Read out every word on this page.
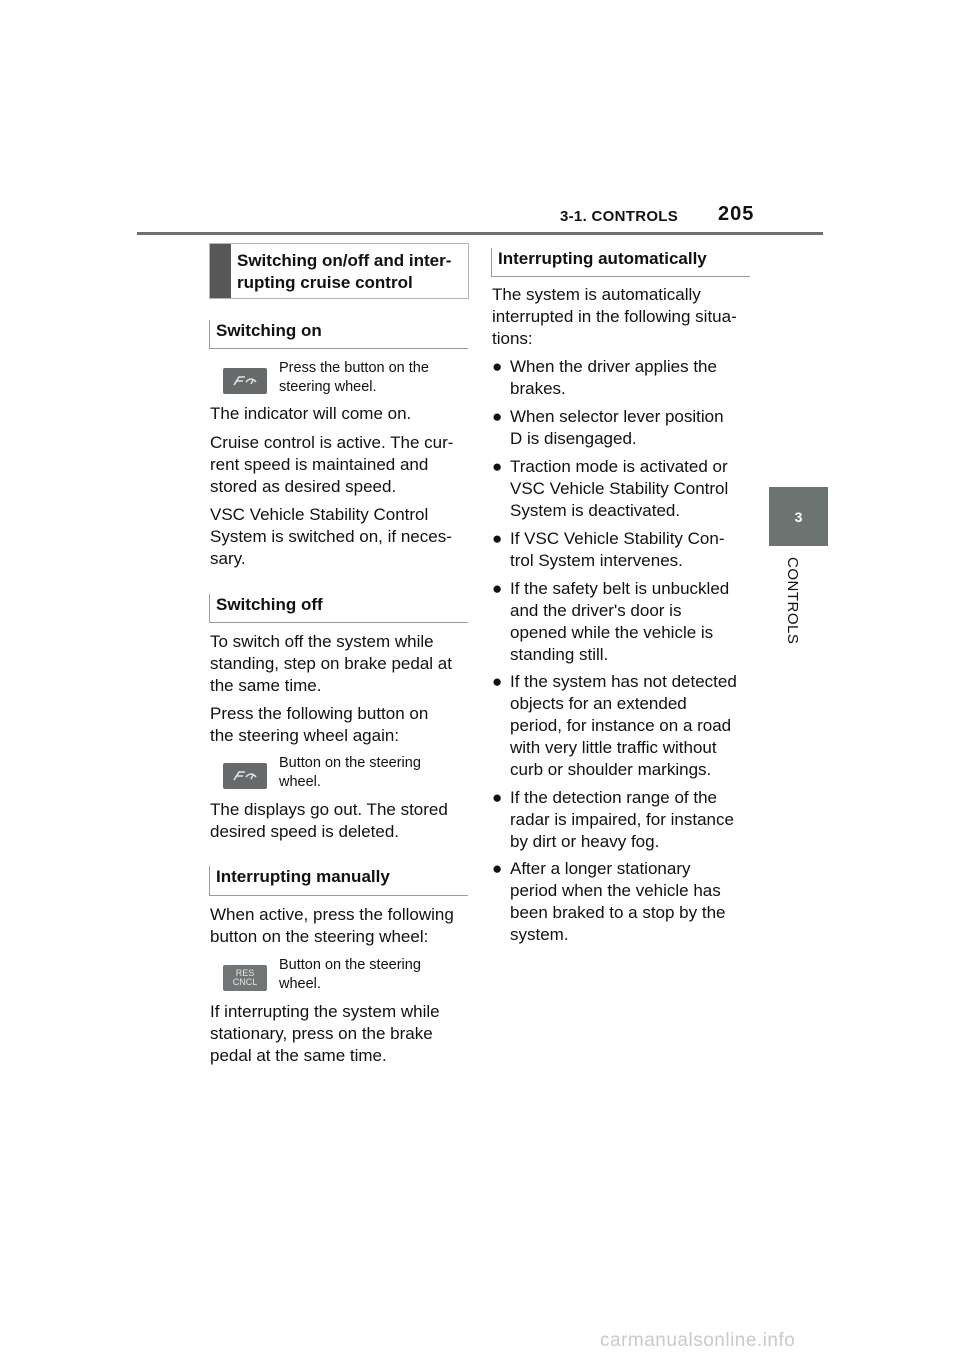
3-1. CONTROLS 205
3
CONTROLS
Switching on/off and inter-
rupting cruise control
Switching on
Press the button on the
steering wheel.
The indicator will come on.
Cruise control is active. The cur-
rent speed is maintained and
stored as desired speed.
VSC Vehicle Stability Control
System is switched on, if neces-
sary.
Switching off
To switch off the system while
standing, step on brake pedal at
the same time.
Press the following button on
the steering wheel again:
Button on the steering
wheel.
The displays go out. The stored
desired speed is deleted.
Interrupting manually
When active, press the following
button on the steering wheel:
RES
CNCL
Button on the steering
wheel.
If interrupting the system while
stationary, press on the brake
pedal at the same time.
Interrupting automatically
The system is automatically
interrupted in the following situa-
tions:
● When the driver applies the
brakes.
● When selector lever position
D is disengaged.
● Traction mode is activated or
VSC Vehicle Stability Control
System is deactivated.
● If VSC Vehicle Stability Con-
trol System intervenes.
● If the safety belt is unbuckled
and the driver's door is
opened while the vehicle is
standing still.
● If the system has not detected
objects for an extended
period, for instance on a road
with very little traffic without
curb or shoulder markings.
● If the detection range of the
radar is impaired, for instance
by dirt or heavy fog.
● After a longer stationary
period when the vehicle has
been braked to a stop by the
system.
carmanualsonline.info
